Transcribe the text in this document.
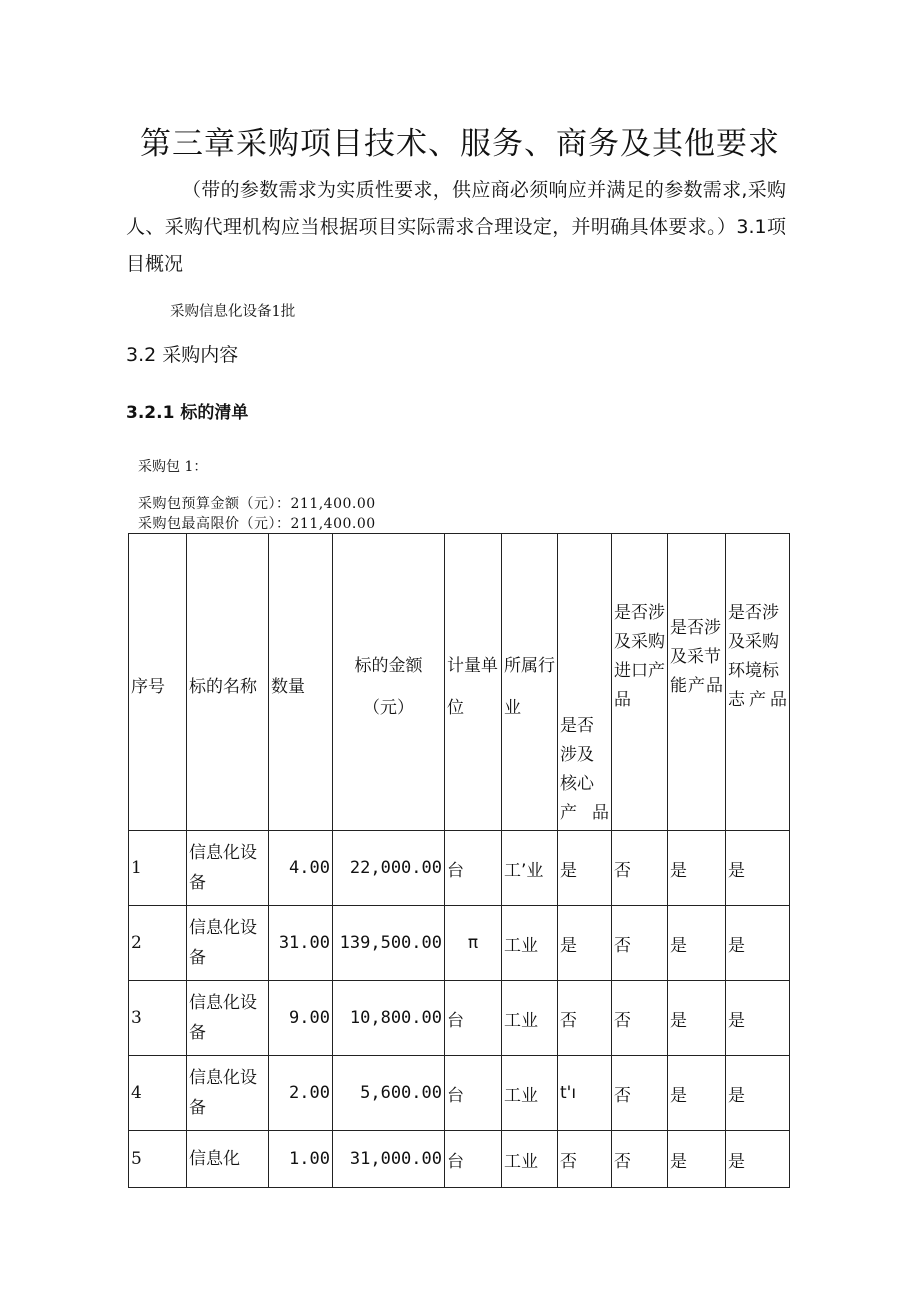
第三章采购项目技术、服务、商务及其他要求
（带的参数需求为实质性要求，供应商必须响应并满足的参数需求,采购人、采购代理机构应当根据项目实际需求合理设定，并明确具体要求。）3.1项目概况
采购信息化设备1批
3.2 采购内容
3.2.1 标的清单
采购包 1：
采购包预算金额（元）：211,400.00
采购包最高限价（元）：211,400.00
序号	标的名称	数量	标的金额（元）	计量单位	所属行业	是否涉及核心产品	是否涉及采购进口产品	是否涉及采节能产品	是否涉及采购环境标志产品
1	信息化设备	4.00	22,000.00	台	工’业	是	否	是	是
2	信息化设备	31.00	139,500.00	π	工业	是	否	是	是
3	信息化设备	9.00	10,800.00	台	工业	否	否	是	是
4	信息化设备	2.00	5,600.00	台	工业	t'ı	否	是	是
5	信息化	1.00	31,000.00	台	工业	否	否	是	是
